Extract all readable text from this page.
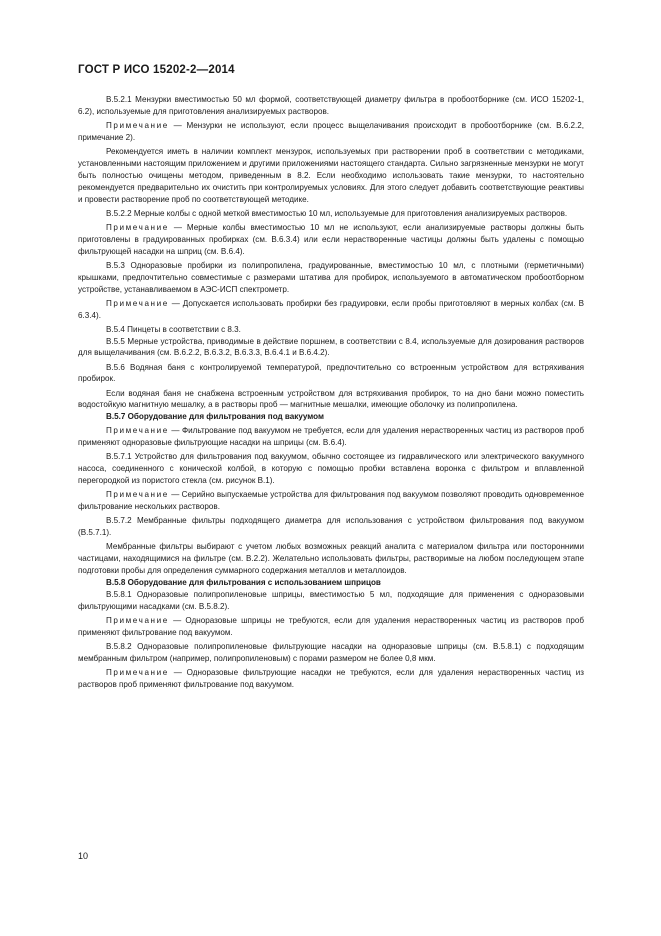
ГОСТ Р ИСО 15202-2—2014

B.5.2.1 Мензурки вместимостью 50 мл формой, соответствующей диаметру фильтра в пробоотборнике (см. ИСО 15202-1, 6.2), используемые для приготовления анализируемых растворов.

Примечание — Мензурки не используют, если процесс выщелачивания происходит в пробоотборнике (см. B.6.2.2, примечание 2).

Рекомендуется иметь в наличии комплект мензурок, используемых при растворении проб в соответствии с методиками, установленными настоящим приложением и другими приложениями настоящего стандарта. Сильно загрязненные мензурки не могут быть полностью очищены методом, приведенным в 8.2. Если необходимо использовать такие мензурки, то настоятельно рекомендуется предварительно их очистить при контролируемых условиях. Для этого следует добавить соответствующие реактивы и провести растворение проб по соответствующей методике.

B.5.2.2 Мерные колбы с одной меткой вместимостью 10 мл, используемые для приготовления анализируемых растворов.

Примечание — Мерные колбы вместимостью 10 мл не используют, если анализируемые растворы должны быть приготовлены в градуированных пробирках (см. B.6.3.4) или если нерастворенные частицы должны быть удалены с помощью фильтрующей насадки на шприц (см. B.6.4).

B.5.3 Одноразовые пробирки из полипропилена, градуированные, вместимостью 10 мл, с плотными (герметичными) крышками, предпочтительно совместимые с размерами штатива для пробирок, используемого в автоматическом пробоотборном устройстве, устанавливаемом в АЭС-ИСП спектрометр.

Примечание — Допускается использовать пробирки без градуировки, если пробы приготовляют в мерных колбах (см. B 6.3.4).

B.5.4 Пинцеты в соответствии с 8.3.

B.5.5 Мерные устройства, приводимые в действие поршнем, в соответствии с 8.4, используемые для дозирования растворов для выщелачивания (см. B.6.2.2, B.6.3.2, B.6.3.3, B.6.4.1 и B.6.4.2).

B.5.6 Водяная баня с контролируемой температурой, предпочтительно со встроенным устройством для встряхивания пробирок.

Если водяная баня не снабжена встроенным устройством для встряхивания пробирок, то на дно бани можно поместить водостойкую магнитную мешалку, а в растворы проб — магнитные мешалки, имеющие оболочку из полипропилена.

B.5.7 Оборудование для фильтрования под вакуумом

Примечание — Фильтрование под вакуумом не требуется, если для удаления нерастворенных частиц из растворов проб применяют одноразовые фильтрующие насадки на шприцы (см. B.6.4).

B.5.7.1 Устройство для фильтрования под вакуумом, обычно состоящее из гидравлического или электрического вакуумного насоса, соединенного с конической колбой, в которую с помощью пробки вставлена воронка с фильтром и вплавленной перегородкой из пористого стекла (см. рисунок B.1).

Примечание — Серийно выпускаемые устройства для фильтрования под вакуумом позволяют проводить одновременное фильтрование нескольких растворов.

B.5.7.2 Мембранные фильтры подходящего диаметра для использования с устройством фильтрования под вакуумом (B.5.7.1).

Мембранные фильтры выбирают с учетом любых возможных реакций аналита с материалом фильтра или посторонними частицами, находящимися на фильтре (см. B.2.2). Желательно использовать фильтры, растворимые на любом последующем этапе подготовки пробы для определения суммарного содержания металлов и металлоидов.

B.5.8 Оборудование для фильтрования с использованием шприцов

B.5.8.1 Одноразовые полипропиленовые шприцы, вместимостью 5 мл, подходящие для применения с одноразовыми фильтрующими насадками (см. B.5.8.2).

Примечание — Одноразовые шприцы не требуются, если для удаления нерастворенных частиц из растворов проб применяют фильтрование под вакуумом.

B.5.8.2 Одноразовые полипропиленовые фильтрующие насадки на одноразовые шприцы (см. B.5.8.1) с подходящим мембранным фильтром (например, полипропиленовым) с порами размером не более 0,8 мкм.

Примечание — Одноразовые фильтрующие насадки не требуются, если для удаления нерастворенных частиц из растворов проб применяют фильтрование под вакуумом.

10
